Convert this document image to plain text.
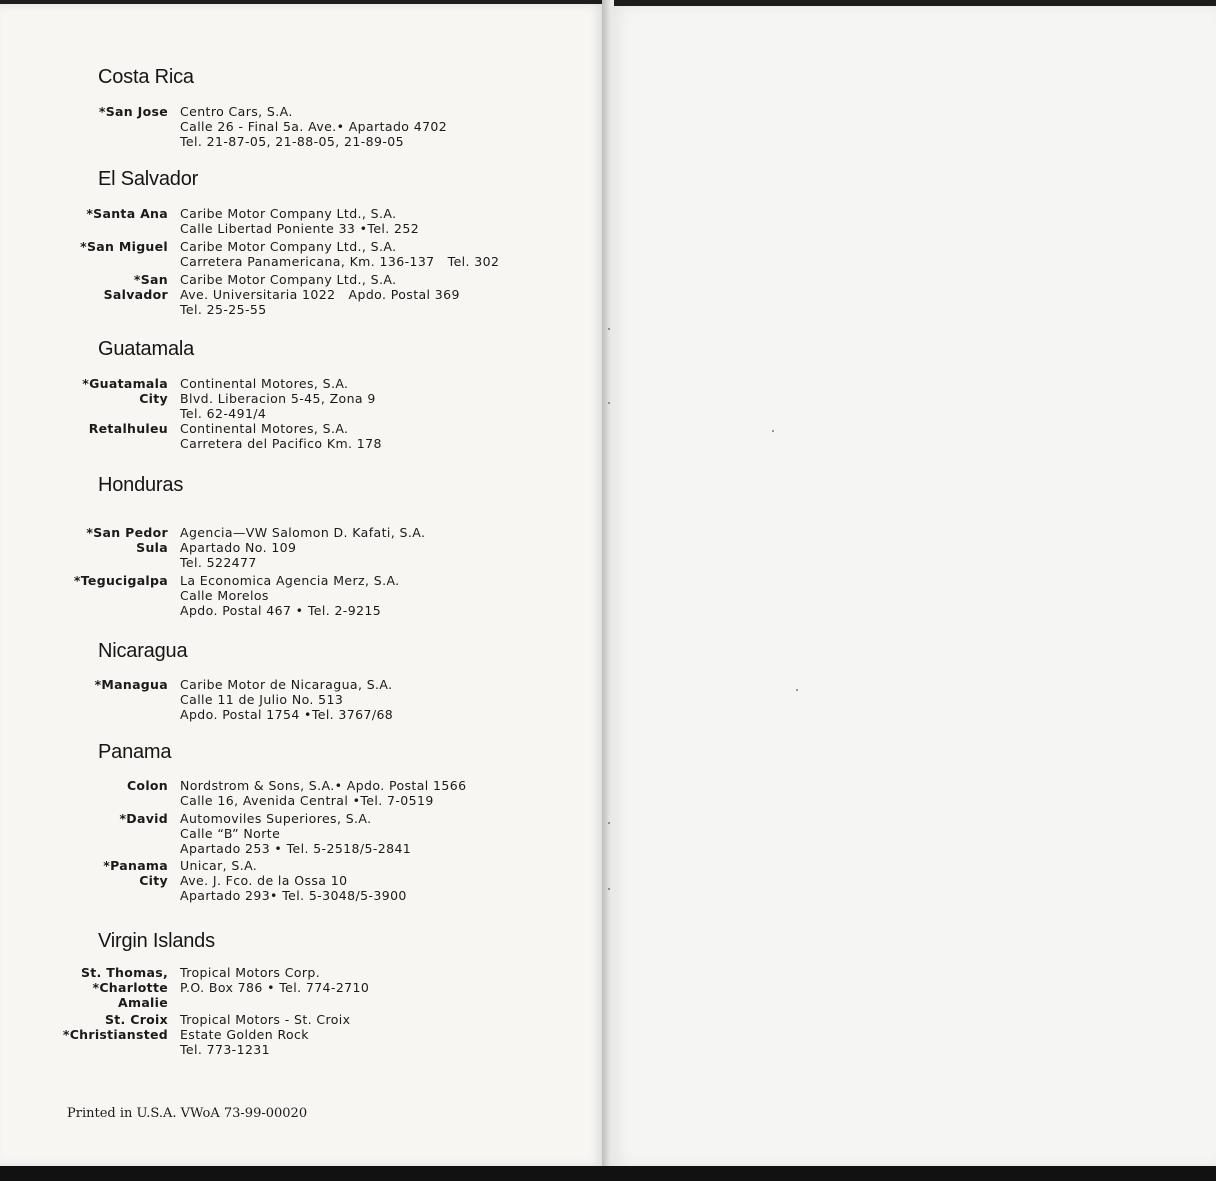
Costa Rica
*San Jose Centro Cars, S.A.
Calle 26 - Final 5a. Ave.• Apartado 4702
Tel. 21-87-05, 21-88-05, 21-89-05
El Salvador
*Santa Ana Caribe Motor Company Ltd., S.A.
Calle Libertad Poniente 33 •Tel. 252
*San Miguel Caribe Motor Company Ltd., S.A.
Carretera Panamericana, Km. 136-137   Tel. 302
*San
Salvador
Caribe Motor Company Ltd., S.A.
Ave. Universitaria 1022   Apdo. Postal 369
Tel. 25-25-55
Guatamala
*Guatamala
City
Continental Motores, S.A.
Blvd. Liberacion 5-45, Zona 9
Tel. 62-491/4
Retalhuleu Continental Motores, S.A.
Carretera del Pacifico Km. 178
Honduras
*San Pedor
Sula
Agencia—VW Salomon D. Kafati, S.A.
Apartado No. 109
Tel. 522477
*Tegucigalpa La Economica Agencia Merz, S.A.
Calle Morelos
Apdo. Postal 467 • Tel. 2-9215
Nicaragua
*Managua Caribe Motor de Nicaragua, S.A.
Calle 11 de Julio No. 513
Apdo. Postal 1754 •Tel. 3767/68
Panama
Colon Nordstrom & Sons, S.A.• Apdo. Postal 1566
Calle 16, Avenida Central •Tel. 7-0519
*David Automoviles Superiores, S.A.
Calle “B” Norte
Apartado 253 • Tel. 5-2518/5-2841
*Panama
City
Unicar, S.A.
Ave. J. Fco. de la Ossa 10
Apartado 293• Tel. 5-3048/5-3900
Virgin Islands
St. Thomas,
*Charlotte
Amalie
Tropical Motors Corp.
P.O. Box 786 • Tel. 774-2710
St. Croix
*Christiansted
Tropical Motors - St. Croix
Estate Golden Rock
Tel. 773-1231
Printed in U.S.A. VWoA 73-99-00020
